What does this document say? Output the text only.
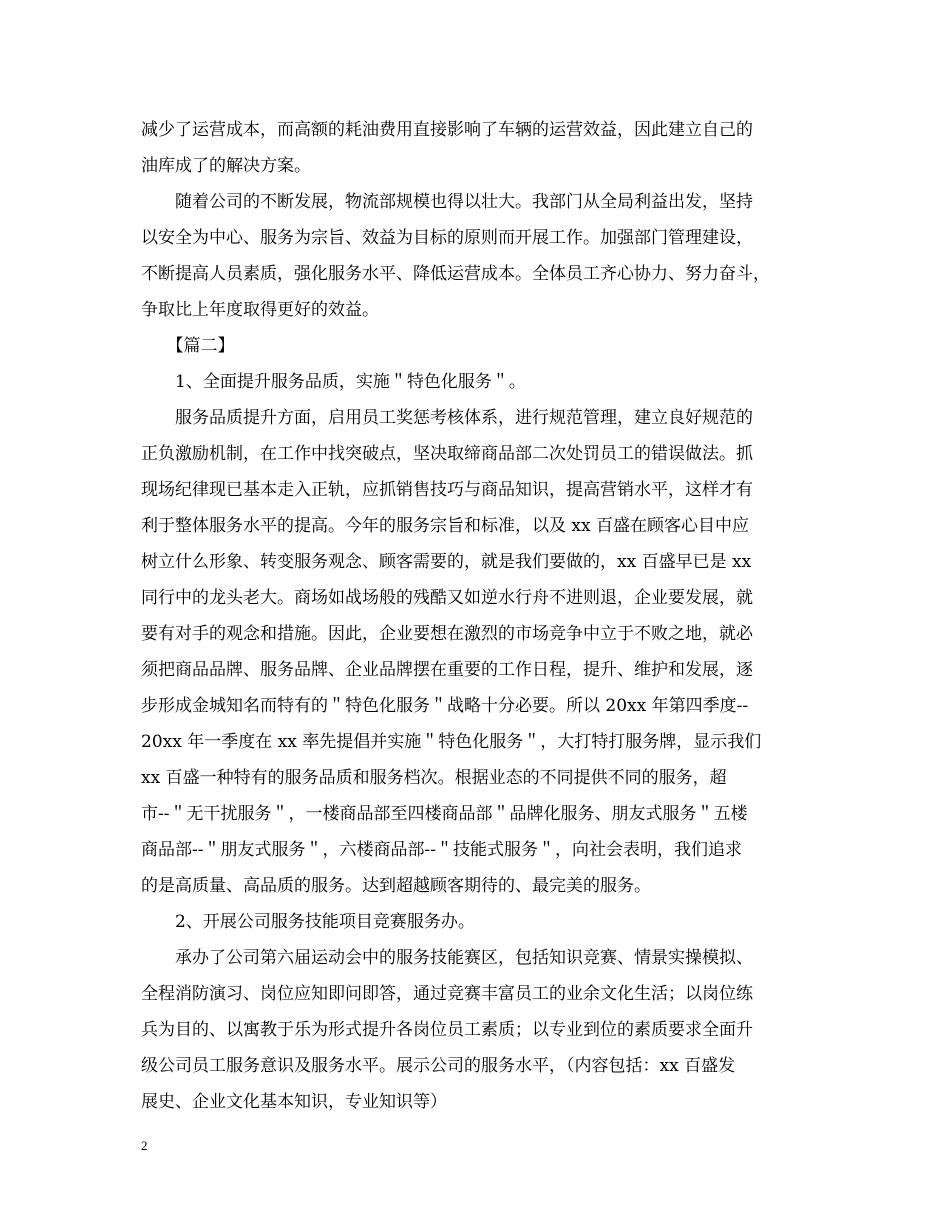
减少了运营成本，而高额的耗油费用直接影响了车辆的运营效益，因此建立自己的
油库成了的解决方案。
　　随着公司的不断发展，物流部规模也得以壮大。我部门从全局利益出发，坚持
以安全为中心、服务为宗旨、效益为目标的原则而开展工作。加强部门管理建设，
不断提高人员素质，强化服务水平、降低运营成本。全体员工齐心协力、努力奋斗，
争取比上年度取得更好的效益。
　　【篇二】
　　1、全面提升服务品质，实施＂特色化服务＂。
　　服务品质提升方面，启用员工奖惩考核体系，进行规范管理，建立良好规范的
正负激励机制，在工作中找突破点，坚决取缔商品部二次处罚员工的错误做法。抓
现场纪律现已基本走入正轨，应抓销售技巧与商品知识，提高营销水平，这样才有
利于整体服务水平的提高。今年的服务宗旨和标准，以及 xx 百盛在顾客心目中应
树立什么形象、转变服务观念、顾客需要的，就是我们要做的，xx 百盛早已是 xx
同行中的龙头老大。商场如战场般的残酷又如逆水行舟不进则退，企业要发展，就
要有对手的观念和措施。因此，企业要想在激烈的市场竞争中立于不败之地，就必
须把商品品牌、服务品牌、企业品牌摆在重要的工作日程，提升、维护和发展，逐
步形成金城知名而特有的＂特色化服务＂战略十分必要。所以 20xx 年第四季度--
20xx 年一季度在 xx 率先提倡并实施＂特色化服务＂，大打特打服务牌，显示我们
xx 百盛一种特有的服务品质和服务档次。根据业态的不同提供不同的服务，超
市--＂无干扰服务＂，一楼商品部至四楼商品部＂品牌化服务、朋友式服务＂五楼
商品部--＂朋友式服务＂，六楼商品部--＂技能式服务＂，向社会表明，我们追求
的是高质量、高品质的服务。达到超越顾客期待的、最完美的服务。
　　2、开展公司服务技能项目竞赛服务办。
　　承办了公司第六届运动会中的服务技能赛区，包括知识竞赛、情景实操模拟、
全程消防演习、岗位应知即问即答，通过竞赛丰富员工的业余文化生活；以岗位练
兵为目的、以寓教于乐为形式提升各岗位员工素质；以专业到位的素质要求全面升
级公司员工服务意识及服务水平。展示公司的服务水平，（内容包括：xx 百盛发
展史、企业文化基本知识，专业知识等）
2
